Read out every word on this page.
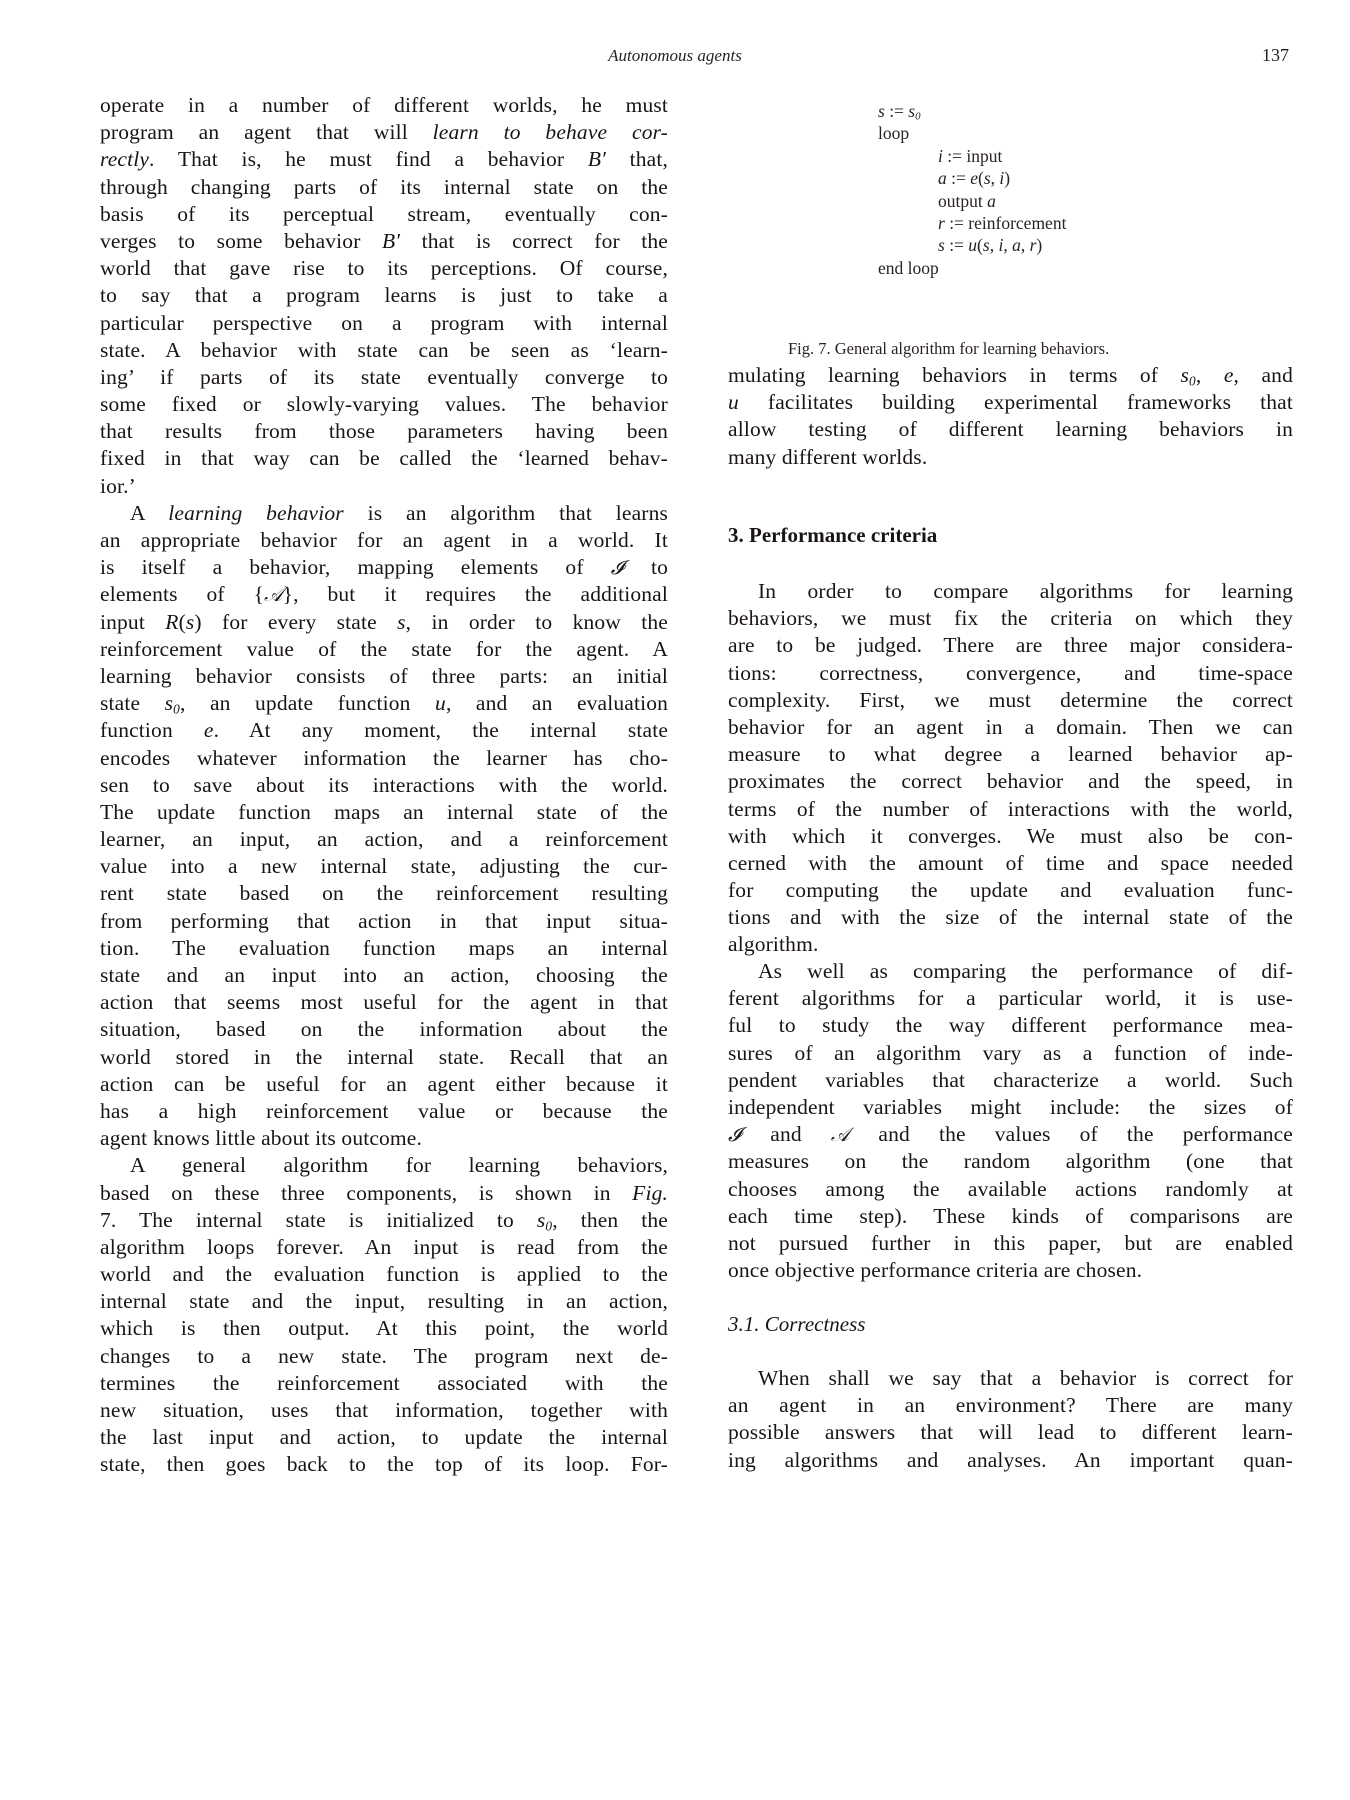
Autonomous agents	137
operate in a number of different worlds, he must
program an agent that will learn to behave cor-
rectly. That is, he must find a behavior B′ that,
through changing parts of its internal state on the
basis of its perceptual stream, eventually con-
verges to some behavior B′ that is correct for the
world that gave rise to its perceptions. Of course,
to say that a program learns is just to take a
particular perspective on a program with internal
state. A behavior with state can be seen as ‘learn-
ing’ if parts of its state eventually converge to
some fixed or slowly-varying values. The behavior
that results from those parameters having been
fixed in that way can be called the ‘learned behav-
ior.’
A learning behavior is an algorithm that learns
an appropriate behavior for an agent in a world. It
is itself a behavior, mapping elements of 𝓘 to
elements of {𝒜}, but it requires the additional
input R(s) for every state s, in order to know the
reinforcement value of the state for the agent. A
learning behavior consists of three parts: an initial
state $s_0$, an update function u, and an evaluation
function e. At any moment, the internal state
encodes whatever information the learner has cho-
sen to save about its interactions with the world.
The update function maps an internal state of the
learner, an input, an action, and a reinforcement
value into a new internal state, adjusting the cur-
rent state based on the reinforcement resulting
from performing that action in that input situa-
tion. The evaluation function maps an internal
state and an input into an action, choosing the
action that seems most useful for the agent in that
situation, based on the information about the
world stored in the internal state. Recall that an
action can be useful for an agent either because it
has a high reinforcement value or because the
agent knows little about its outcome.
A general algorithm for learning behaviors,
based on these three components, is shown in Fig.
7. The internal state is initialized to $s_0$, then the
algorithm loops forever. An input is read from the
world and the evaluation function is applied to the
internal state and the input, resulting in an action,
which is then output. At this point, the world
changes to a new state. The program next de-
termines the reinforcement associated with the
new situation, uses that information, together with
the last input and action, to update the internal
state, then goes back to the top of its loop. For-
s := $s_0$
loop
i := input
a := e(s, i)
output a
r := reinforcement
s := u(s, i, a, r)
end loop
Fig. 7. General algorithm for learning behaviors.
mulating learning behaviors in terms of $s_0$, e, and
u facilitates building experimental frameworks that
allow testing of different learning behaviors in
many different worlds.
3. Performance criteria
In order to compare algorithms for learning
behaviors, we must fix the criteria on which they
are to be judged. There are three major considera-
tions: correctness, convergence, and time-space
complexity. First, we must determine the correct
behavior for an agent in a domain. Then we can
measure to what degree a learned behavior ap-
proximates the correct behavior and the speed, in
terms of the number of interactions with the world,
with which it converges. We must also be con-
cerned with the amount of time and space needed
for computing the update and evaluation func-
tions and with the size of the internal state of the
algorithm.
As well as comparing the performance of dif-
ferent algorithms for a particular world, it is use-
ful to study the way different performance mea-
sures of an algorithm vary as a function of inde-
pendent variables that characterize a world. Such
independent variables might include: the sizes of
𝓘 and 𝒜 and the values of the performance
measures on the random algorithm (one that
chooses among the available actions randomly at
each time step). These kinds of comparisons are
not pursued further in this paper, but are enabled
once objective performance criteria are chosen.
3.1. Correctness
When shall we say that a behavior is correct for
an agent in an environment? There are many
possible answers that will lead to different learn-
ing algorithms and analyses. An important quan-
